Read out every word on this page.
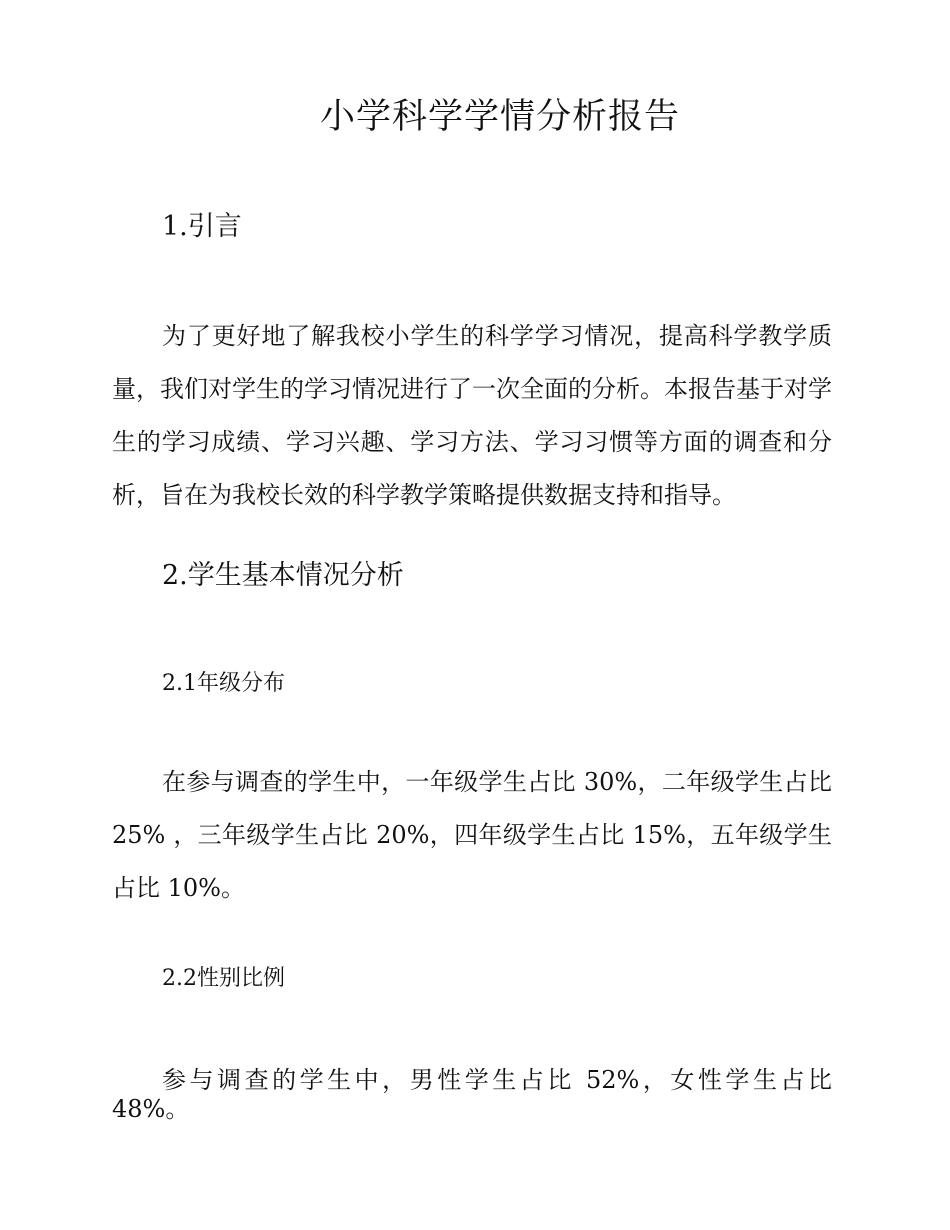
小学科学学情分析报告
1.引言

为了更好地了解我校小学生的科学学习情况，提高科学教学质量，我们对学生的学习情况进行了一次全面的分析。本报告基于对学生的学习成绩、学习兴趣、学习方法、学习习惯等方面的调查和分析，旨在为我校长效的科学教学策略提供数据支持和指导。

2.学生基本情况分析
2.1年级分布

在参与调查的学生中，一年级学生占比 30%，二年级学生占比 25% ，三年级学生占比 20%，四年级学生占比 15%，五年级学生占比 10%。

2.2性别比例

参与调查的学生中，男性学生占比 52%，女性学生占比 48%。
